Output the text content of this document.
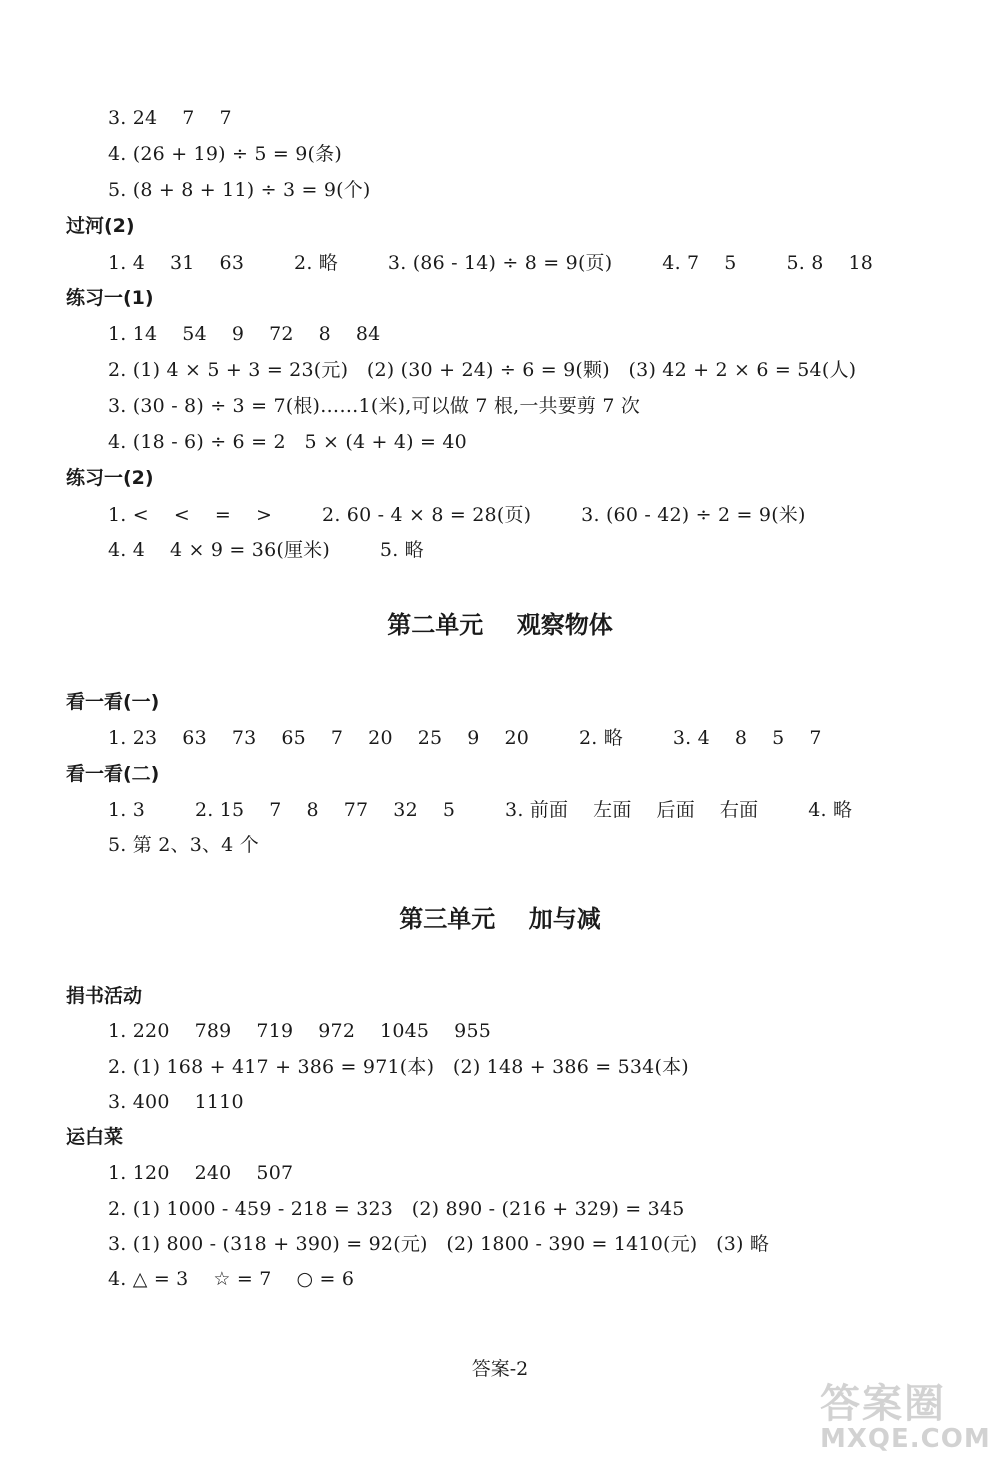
3. 24    7    7
4. (26 + 19) ÷ 5 = 9(条)
5. (8 + 8 + 11) ÷ 3 = 9(个)
过河(2)
1. 4    31    63        2. 略        3. (86 - 14) ÷ 8 = 9(页)        4. 7    5        5. 8    18
练习一(1)
1. 14    54    9    72    8    84
2. (1) 4 × 5 + 3 = 23(元)   (2) (30 + 24) ÷ 6 = 9(颗)   (3) 42 + 2 × 6 = 54(人)
3. (30 - 8) ÷ 3 = 7(根)……1(米),可以做 7 根,一共要剪 7 次
4. (18 - 6) ÷ 6 = 2   5 × (4 + 4) = 40
练习一(2)
1. <    <    =    >        2. 60 - 4 × 8 = 28(页)        3. (60 - 42) ÷ 2 = 9(米)
4. 4    4 × 9 = 36(厘米)        5. 略
第二单元    观察物体
看一看(一)
1. 23    63    73    65    7    20    25    9    20        2. 略        3. 4    8    5    7
看一看(二)
1. 3        2. 15    7    8    77    32    5        3. 前面    左面    后面    右面        4. 略
5. 第 2、3、4 个
第三单元    加与减
捐书活动
1. 220    789    719    972    1045    955
2. (1) 168 + 417 + 386 = 971(本)   (2) 148 + 386 = 534(本)
3. 400    1110
运白菜
1. 120    240    507
2. (1) 1000 - 459 - 218 = 323   (2) 890 - (216 + 329) = 345
3. (1) 800 - (318 + 390) = 92(元)   (2) 1800 - 390 = 1410(元)   (3) 略
4. △ = 3    ☆ = 7    ○ = 6
答案-2
答案圈
MXQE.COM
